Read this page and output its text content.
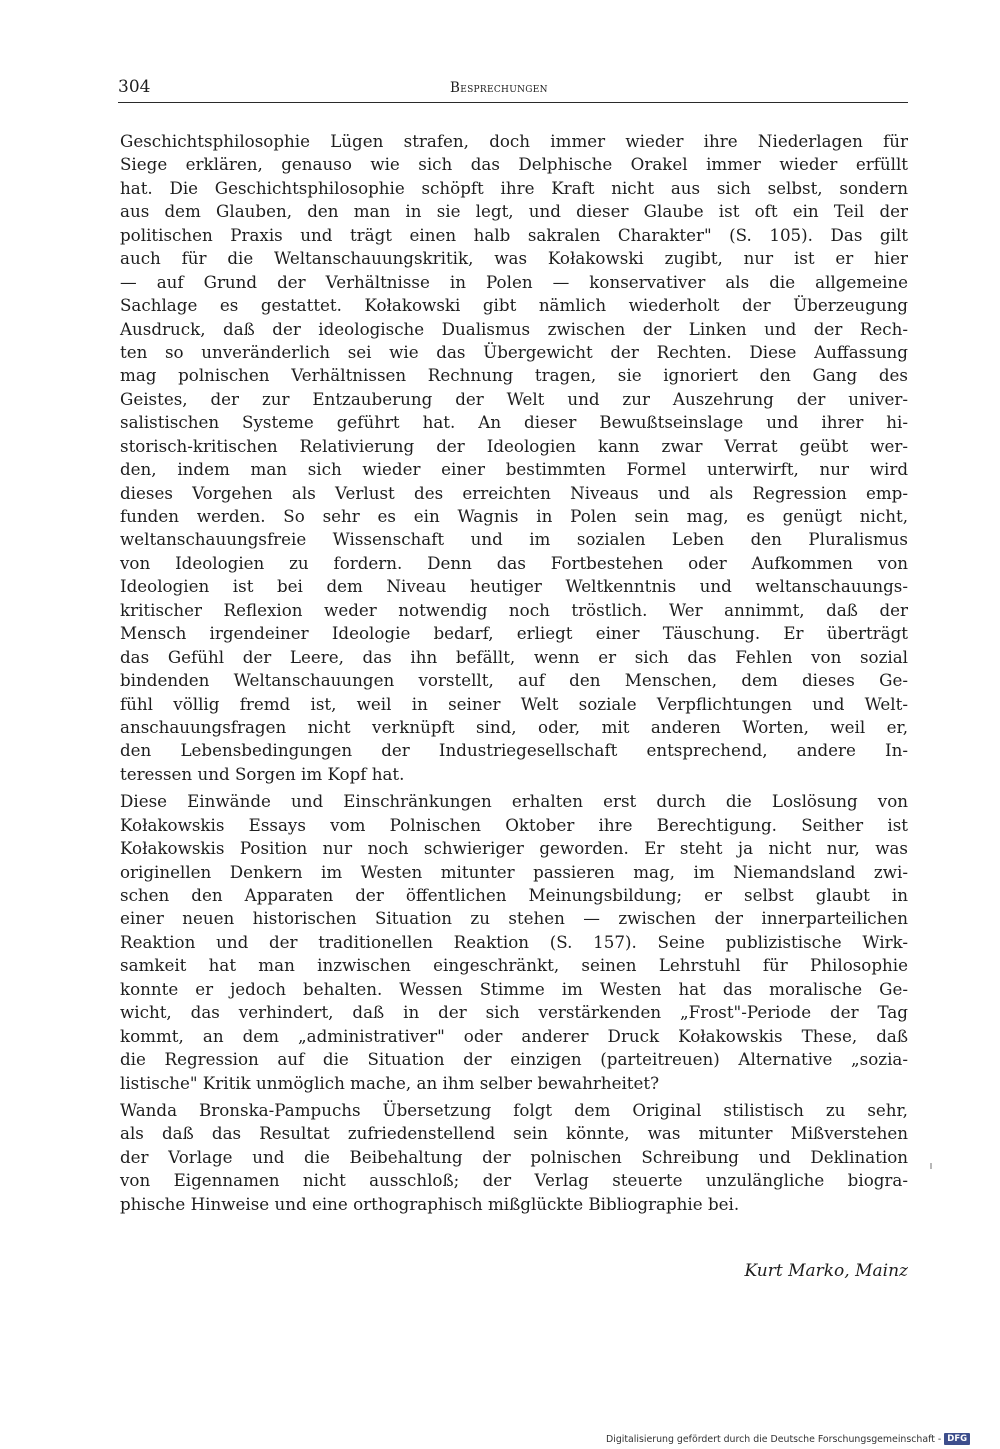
304	Besprechungen
Geschichtsphilosophie Lügen strafen, doch immer wieder ihre Niederlagen für
Siege erklären, genauso wie sich das Delphische Orakel immer wieder erfüllt
hat. Die Geschichtsphilosophie schöpft ihre Kraft nicht aus sich selbst, sondern
aus dem Glauben, den man in sie legt, und dieser Glaube ist oft ein Teil der
politischen Praxis und trägt einen halb sakralen Charakter" (S. 105). Das gilt
auch für die Weltanschauungskritik, was Kołakowski zugibt, nur ist er hier
— auf Grund der Verhältnisse in Polen — konservativer als die allgemeine
Sachlage es gestattet. Kołakowski gibt nämlich wiederholt der Überzeugung
Ausdruck, daß der ideologische Dualismus zwischen der Linken und der Rech-
ten so unveränderlich sei wie das Übergewicht der Rechten. Diese Auffassung
mag polnischen Verhältnissen Rechnung tragen, sie ignoriert den Gang des
Geistes, der zur Entzauberung der Welt und zur Auszehrung der univer-
salistischen Systeme geführt hat. An dieser Bewußtseinslage und ihrer hi-
storisch-kritischen Relativierung der Ideologien kann zwar Verrat geübt wer-
den, indem man sich wieder einer bestimmten Formel unterwirft, nur wird
dieses Vorgehen als Verlust des erreichten Niveaus und als Regression emp-
funden werden. So sehr es ein Wagnis in Polen sein mag, es genügt nicht,
weltanschauungsfreie Wissenschaft und im sozialen Leben den Pluralismus
von Ideologien zu fordern. Denn das Fortbestehen oder Aufkommen von
Ideologien ist bei dem Niveau heutiger Weltkenntnis und weltanschauungs-
kritischer Reflexion weder notwendig noch tröstlich. Wer annimmt, daß der
Mensch irgendeiner Ideologie bedarf, erliegt einer Täuschung. Er überträgt
das Gefühl der Leere, das ihn befällt, wenn er sich das Fehlen von sozial
bindenden Weltanschauungen vorstellt, auf den Menschen, dem dieses Ge-
fühl völlig fremd ist, weil in seiner Welt soziale Verpflichtungen und Welt-
anschauungsfragen nicht verknüpft sind, oder, mit anderen Worten, weil er,
den Lebensbedingungen der Industriegesellschaft entsprechend, andere In-
teressen und Sorgen im Kopf hat.
Diese Einwände und Einschränkungen erhalten erst durch die Loslösung von
Kołakowskis Essays vom Polnischen Oktober ihre Berechtigung. Seither ist
Kołakowskis Position nur noch schwieriger geworden. Er steht ja nicht nur, was
originellen Denkern im Westen mitunter passieren mag, im Niemandsland zwi-
schen den Apparaten der öffentlichen Meinungsbildung; er selbst glaubt in
einer neuen historischen Situation zu stehen — zwischen der innerparteilichen
Reaktion und der traditionellen Reaktion (S. 157). Seine publizistische Wirk-
samkeit hat man inzwischen eingeschränkt, seinen Lehrstuhl für Philosophie
konnte er jedoch behalten. Wessen Stimme im Westen hat das moralische Ge-
wicht, das verhindert, daß in der sich verstärkenden „Frost"-Periode der Tag
kommt, an dem „administrativer" oder anderer Druck Kołakowskis These, daß
die Regression auf die Situation der einzigen (parteitreuen) Alternative „sozia-
listische" Kritik unmöglich mache, an ihm selber bewahrheitet?
Wanda Bronska-Pampuchs Übersetzung folgt dem Original stilistisch zu sehr,
als daß das Resultat zufriedenstellend sein könnte, was mitunter Mißverstehen
der Vorlage und die Beibehaltung der polnischen Schreibung und Deklination
von Eigennamen nicht ausschloß; der Verlag steuerte unzulängliche biogra-
phische Hinweise und eine orthographisch mißglückte Bibliographie bei.
Kurt Marko, Mainz
Digitalisierung gefördert durch die Deutsche Forschungsgemeinschaft - DFG
